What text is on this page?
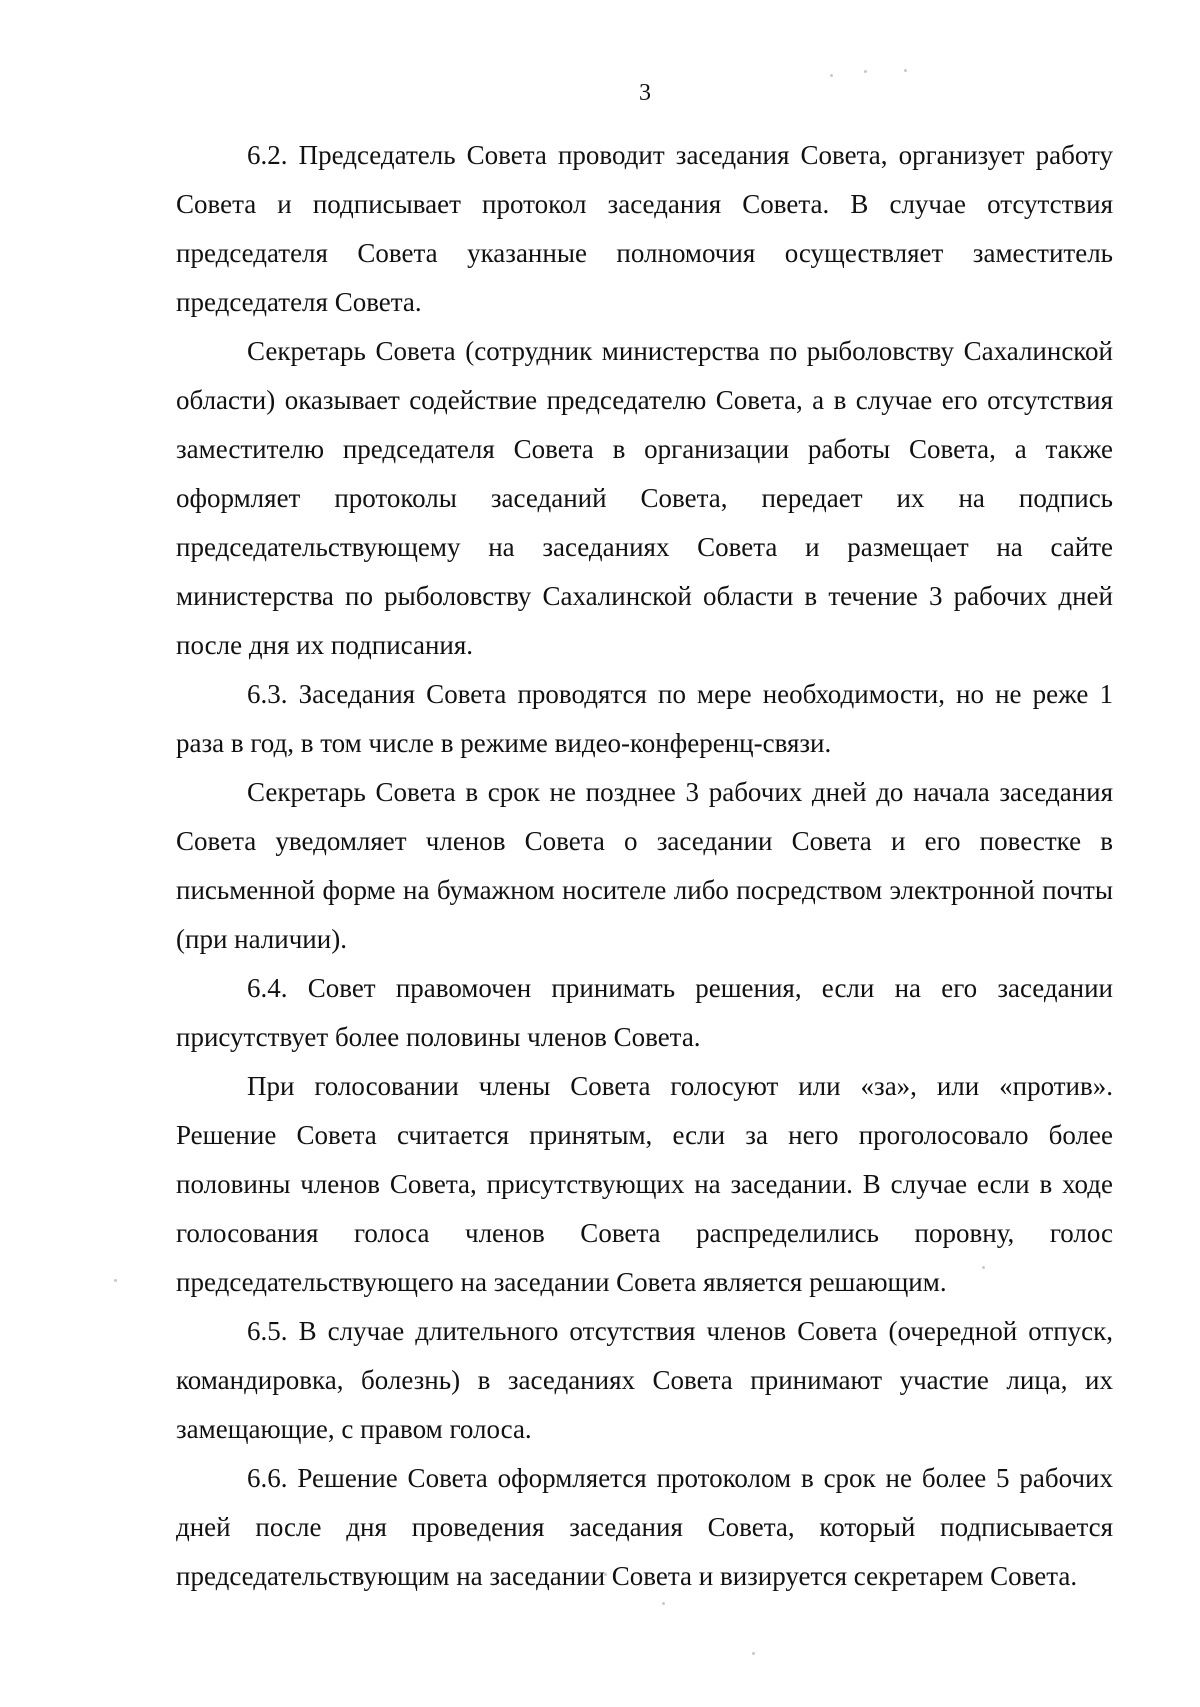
3

6.2. Председатель Совета проводит заседания Совета, организует работу Совета и подписывает протокол заседания Совета. В случае отсутствия председателя Совета указанные полномочия осуществляет заместитель председателя Совета.

Секретарь Совета (сотрудник министерства по рыболовству Сахалинской области) оказывает содействие председателю Совета, а в случае его отсутствия заместителю председателя Совета в организации работы Совета, а также оформляет протоколы заседаний Совета, передает их на подпись председательствующему на заседаниях Совета и размещает на сайте министерства по рыболовству Сахалинской области в течение 3 рабочих дней после дня их подписания.

6.3. Заседания Совета проводятся по мере необходимости, но не реже 1 раза в год, в том числе в режиме видео-конференц-связи.

Секретарь Совета в срок не позднее 3 рабочих дней до начала заседания Совета уведомляет членов Совета о заседании Совета и его повестке в письменной форме на бумажном носителе либо посредством электронной почты (при наличии).

6.4. Совет правомочен принимать решения, если на его заседании присутствует более половины членов Совета.

При голосовании члены Совета голосуют или «за», или «против». Решение Совета считается принятым, если за него проголосовало более половины членов Совета, присутствующих на заседании. В случае если в ходе голосования голоса членов Совета распределились поровну, голос председательствующего на заседании Совета является решающим.

6.5. В случае длительного отсутствия членов Совета (очередной отпуск, командировка, болезнь) в заседаниях Совета принимают участие лица, их замещающие, с правом голоса.

6.6. Решение Совета оформляется протоколом в срок не более 5 рабочих дней после дня проведения заседания Совета, который подписывается председательствующим на заседании Совета и визируется секретарем Совета.
